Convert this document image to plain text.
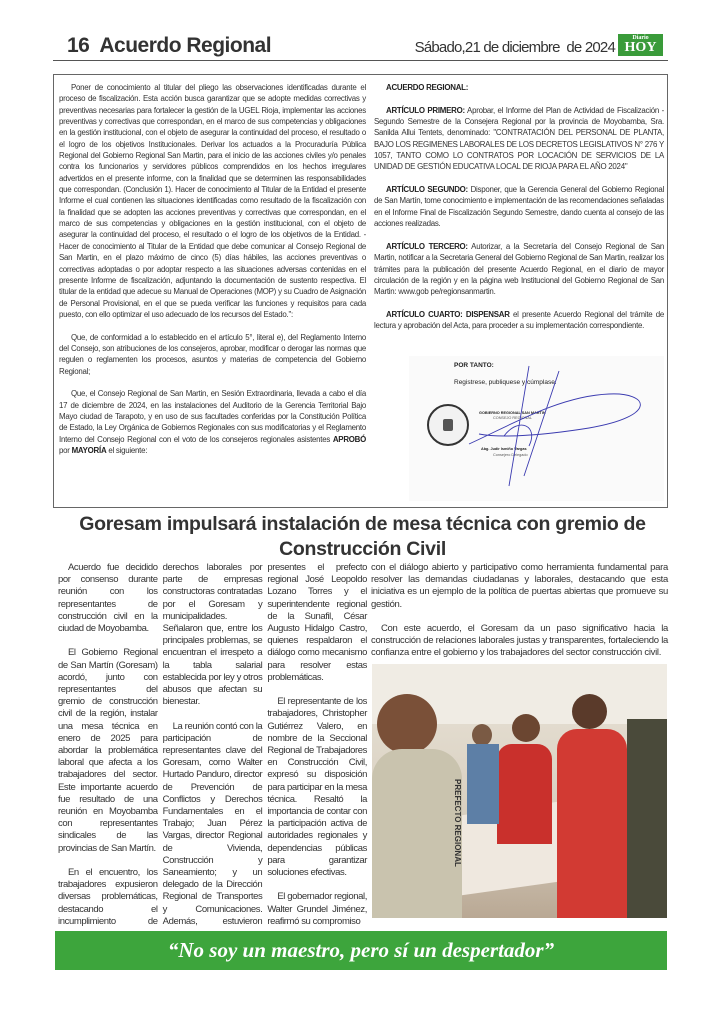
16 Acuerdo Regional	Sábado,21 de diciembre  de 2024
Diario
HOY

Poner de conocimiento al titular del pliego las observaciones identificadas durante el proceso de fiscalización. Esta acción busca garantizar que se adopte medidas correctivas y preventivas necesarias para fortalecer la gestión de la UGEL Rioja, implementar las acciones preventivas y correctivas que correspondan, en el marco de sus competencias y obligaciones en la gestión institucional, con el objeto de asegurar la continuidad del proceso, el resultado o el logro de los objetivos Institucionales. Derivar los actuados a la Procuraduría Pública Regional del Gobierno Regional San Martin, para el inicio de las acciones civiles y/o penales contra los funcionarios y servidores públicos comprendidos en los hechos irregulares advertidos en el presente informe, con la finalidad que se determinen las responsabilidades que correspondan. (Conclusión 1). Hacer de conocimiento al Titular de la Entidad el presente Informe el cual contienen las situaciones identificadas como resultado de la fiscalización con la finalidad que se adopten las acciones preventivas y correctivas que correspondan, en el marco de sus competencias y obligaciones en la gestión institucional, con el objeto de asegurar la continuidad del proceso, el resultado o el logro de los objetivos de la Entidad. -Hacer de conocimiento al Titular de la Entidad que debe comunicar al Consejo Regional de San Martin, en el plazo máximo de cinco (5) días hábiles, las acciones preventivas o correctivas adoptadas o por adoptar respecto a las situaciones adversas contenidas en el presente Informe de fiscalización, adjuntando la documentación de sustento respectiva. El titular de la entidad que adecue su Manual de Operaciones (MOP) y su Cuadro de Asignación de Personal Provisional, en el que se pueda verificar las funciones y requisitos para cada puesto, con ello optimizar el uso adecuado de los recursos del Estado.":

Que, de conformidad a lo establecido en el artículo 5°, literal e), del Reglamento Interno del Consejo, son atribuciones de los consejeros, aprobar, modificar o derogar las normas que regulen o reglamenten los procesos, asuntos y materias de competencia del Gobierno Regional;

Que, el Consejo Regional de San Martin, en Sesión Extraordinaria, llevada a cabo el día 17 de diciembre de 2024, en las instalaciones del Auditorio de la Gerencia Territorial Bajo Mayo ciudad de Tarapoto, y en uso de sus facultades conferidas por la Constitución Política de Estado, la Ley Orgánica de Gobiernos Regionales con sus modificatorias y el Reglamento Interno del Consejo Regional con el voto de los consejeros regionales asistentes APROBÓ por MAYORÍA el siguiente:

ACUERDO REGIONAL:

ARTÍCULO PRIMERO: Aprobar, el Informe del Plan de Actividad de Fiscalización - Segundo Semestre de la Consejera Regional por la provincia de Moyobamba, Sra. Sanilda Allui Tentets, denominado: "CONTRATACIÓN DEL PERSONAL DE PLANTA, BAJO LOS REGIMENES LABORALES DE LOS DECRETOS LEGISLATIVOS N° 276 Y 1057, TANTO COMO LO CONTRATOS POR LOCACIÓN DE SERVICIOS DE LA UNIDAD DE GESTIÓN EDUCATIVA LOCAL DE RIOJA PARA EL AÑO 2024"

ARTÍCULO SEGUNDO: Disponer, que la Gerencia General del Gobierno Regional de San Martín, tome conocimiento e implementación de las recomendaciones señaladas en el Informe Final de Fiscalización Segundo Semestre, dando cuenta al consejo de las acciones realizadas.

ARTÍCULO TERCERO: Autorizar, a la Secretaría del Consejo Regional de San Martin, notificar a la Secretaria General del Gobierno Regional de San Martin, realizar los trámites para la publicación del presente Acuerdo Regional, en el diario de mayor circulación de la región y en la página web Institucional del Gobierno Regional de San Martin: www.gob pe/regionsanmartin.

ARTÍCULO CUARTO: DISPENSAR el presente Acuerdo Regional del trámite de lectura y aprobación del Acta, para proceder a su implementación correspondiente.

POR TANTO:
Registrese, publiquese y cúmplase.
GOBIERNO REGIONAL SAN MARTIN
CONSEJO REGIONAL
Abg. Judir Ismiño Vargas
Consejero Delegado
Goresam impulsará instalación de mesa técnica con gremio de Construcción Civil

Acuerdo fue decidido por consenso durante reunión con los representantes de construcción civil en la ciudad de Moyobamba.

El Gobierno Regional de San Martín (Goresam) acordó, junto con representantes del gremio de construcción civil de la región, instalar una mesa técnica en enero de 2025 para abordar la problemática laboral que afecta a los trabajadores del sector. Este importante acuerdo fue resultado de una reunión en Moyobamba con representantes sindicales de las provincias de San Martín.

En el encuentro, los trabajadores expusieron diversas problemáticas, destacando el incumplimiento de derechos laborales por parte de empresas constructoras contratadas por el Goresam y municipalidades. Señalaron que, entre los principales problemas, se encuentran el irrespeto a la tabla salarial establecida por ley y otros abusos que afectan su bienestar.

La reunión contó con la participación de representantes clave del Goresam, como Walter Hurtado Panduro, director de Prevención de Conflictos y Derechos Fundamentales en el Trabajo; Juan Pérez Vargas, director Regional de Vivienda, Construcción y Saneamiento; y un delegado de la Dirección Regional de Transportes y Comunicaciones. Además, estuvieron presentes el prefecto regional José Leopoldo Lozano Torres y el superintendente regional de la Sunafil, César Augusto Hidalgo Castro, quienes respaldaron el diálogo como mecanismo para resolver estas problemáticas.

El representante de los trabajadores, Christopher Gutiérrez Valero, en nombre de la Seccional Regional de Trabajadores en Construcción Civil, expresó su disposición para participar en la mesa técnica. Resaltó la importancia de contar con la participación activa de autoridades regionales y dependencias públicas para garantizar soluciones efectivas.

El gobernador regional, Walter Grundel Jiménez, reafirmó su compromiso

con el diálogo abierto y participativo como herramienta fundamental para resolver las demandas ciudadanas y laborales, destacando que esta iniciativa es un ejemplo de la política de puertas abiertas que promueve su gestión.

Con este acuerdo, el Goresam da un paso significativo hacia la construcción de relaciones laborales justas y transparentes, fortaleciendo la confianza entre el gobierno y los trabajadores del sector construcción civil.

PREFECTO REGIONAL
“No soy un maestro, pero sí un despertador”
